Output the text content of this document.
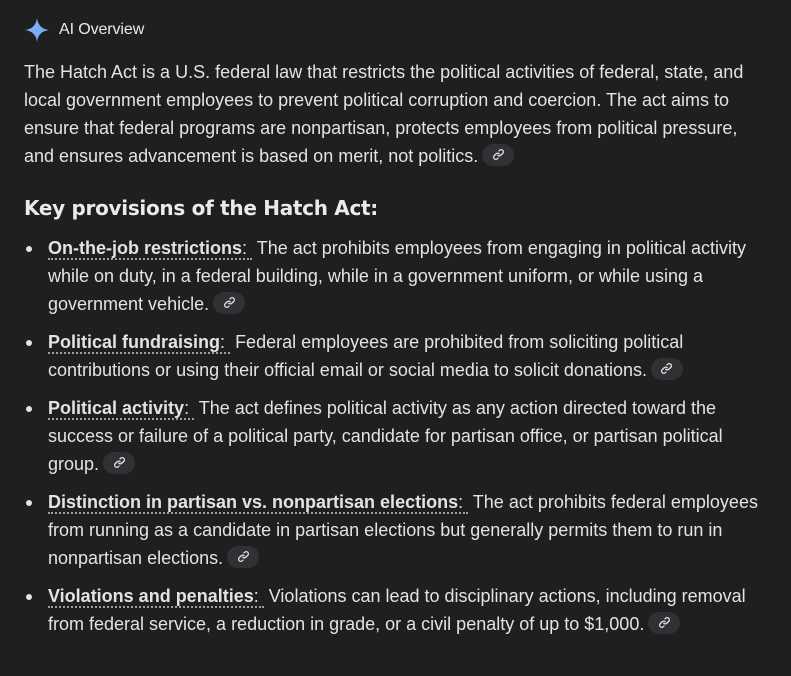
AI Overview

The Hatch Act is a U.S. federal law that restricts the political activities of federal, state, and local government employees to prevent political corruption and coercion. The act aims to ensure that federal programs are nonpartisan, protects employees from political pressure, and ensures advancement is based on merit, not politics.

Key provisions of the Hatch Act:
On-the-job restrictions:  The act prohibits employees from engaging in political activity while on duty, in a federal building, while in a government uniform, or while using a government vehicle.
Political fundraising:  Federal employees are prohibited from soliciting political contributions or using their official email or social media to solicit donations.
Political activity:  The act defines political activity as any action directed toward the success or failure of a political party, candidate for partisan office, or partisan political group.
Distinction in partisan vs. nonpartisan elections:  The act prohibits federal employees from running as a candidate in partisan elections but generally permits them to run in nonpartisan elections.
Violations and penalties:  Violations can lead to disciplinary actions, including removal from federal service, a reduction in grade, or a civil penalty of up to $1,000.
